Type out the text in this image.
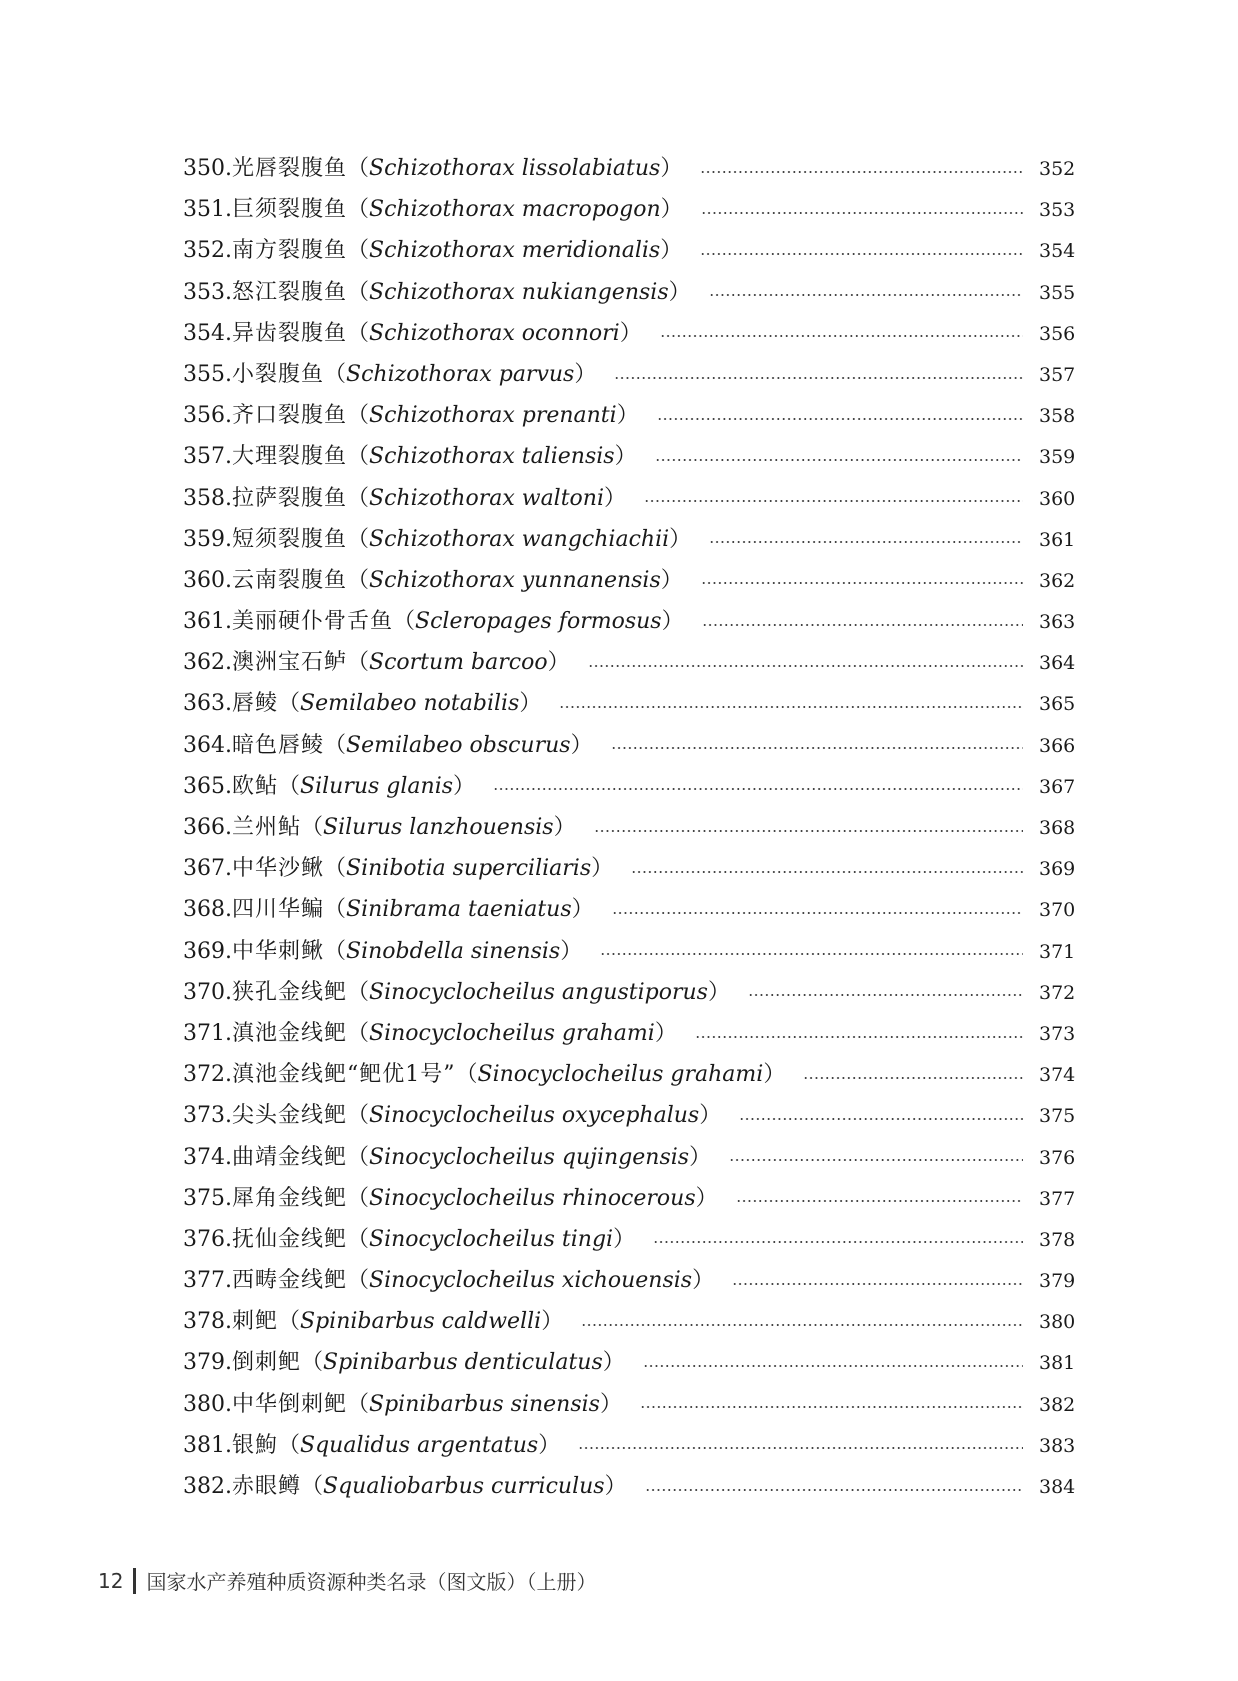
350. 光唇裂腹鱼 （ Schizothorax lissolabiatus ）	352
351. 巨须裂腹鱼 （ Schizothorax macropogon ）	353
352. 南方裂腹鱼 （ Schizothorax meridionalis ）	354
353. 怒江裂腹鱼 （ Schizothorax nukiangensis ）	355
354. 异齿裂腹鱼 （ Schizothorax oconnori ）	356
355. 小裂腹鱼 （ Schizothorax parvus ）	357
356. 齐口裂腹鱼 （ Schizothorax prenanti ）	358
357. 大理裂腹鱼 （ Schizothorax taliensis ）	359
358. 拉萨裂腹鱼 （ Schizothorax waltoni ）	360
359. 短须裂腹鱼 （ Schizothorax wangchiachii ）	361
360. 云南裂腹鱼 （ Schizothorax yunnanensis ）	362
361. 美丽硬仆骨舌鱼 （ Scleropages formosus ）	363
362. 澳洲宝石鲈 （ Scortum barcoo ）	364
363. 唇鲮 （ Semilabeo notabilis ）	365
364. 暗色唇鲮 （ Semilabeo obscurus ）	366
365. 欧鲇 （ Silurus glanis ）	367
366. 兰州鲇 （ Silurus lanzhouensis ）	368
367. 中华沙鳅 （ Sinibotia superciliaris ）	369
368. 四川华鳊 （ Sinibrama taeniatus ）	370
369. 中华刺鳅 （ Sinobdella sinensis ）	371
370. 狭孔金线鲃 （ Sinocyclocheilus angustiporus ）	372
371. 滇池金线鲃 （ Sinocyclocheilus grahami ）	373
372. 滇池金线鲃“鲃优1号” （ Sinocyclocheilus grahami ）	374
373. 尖头金线鲃 （ Sinocyclocheilus oxycephalus ）	375
374. 曲靖金线鲃 （ Sinocyclocheilus qujingensis ）	376
375. 犀角金线鲃 （ Sinocyclocheilus rhinocerous ）	377
376. 抚仙金线鲃 （ Sinocyclocheilus tingi ）	378
377. 西畴金线鲃 （ Sinocyclocheilus xichouensis ）	379
378. 刺鲃 （ Spinibarbus caldwelli ）	380
379. 倒刺鲃 （ Spinibarbus denticulatus ）	381
380. 中华倒刺鲃 （ Spinibarbus sinensis ）	382
381. 银鮈 （ Squalidus argentatus ）	383
382. 赤眼鳟 （ Squaliobarbus curriculus ）	384
12 国家水产养殖种质资源种类名录（图文版）（上册）
